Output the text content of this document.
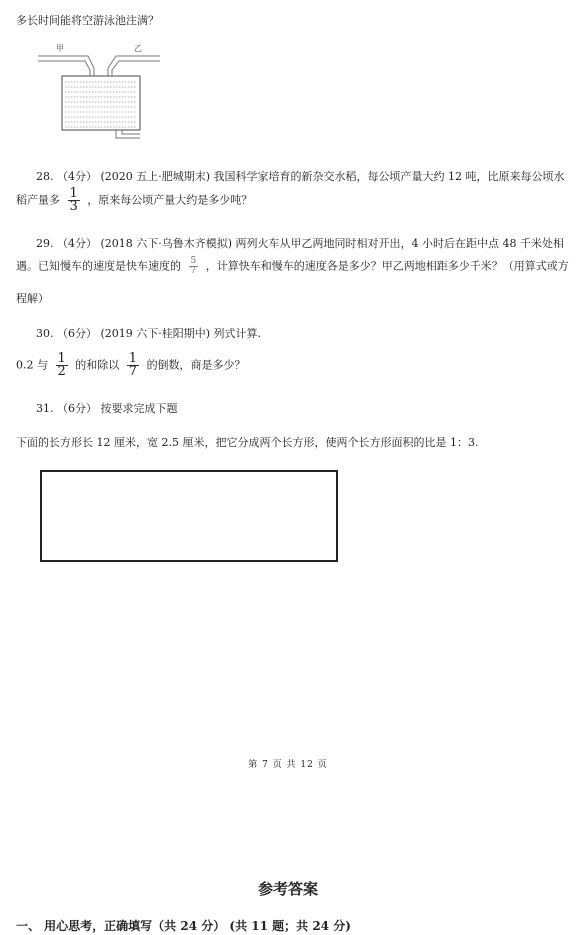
多长时间能将空游泳池注满？
甲	乙
28. （4分） (2020 五上·肥城期末) 我国科学家培育的新杂交水稻，每公顷产量大约 12 吨，比原来每公顷水
稻产量多 $\frac{1}{3}$ ，原来每公顷产量大约是多少吨？
29. （4分） (2018 六下·乌鲁木齐模拟) 两列火车从甲乙两地同时相对开出，4 小时后在距中点 48 千米处相
遇。已知慢车的速度是快车速度的 $\frac{5}{7}$ ，计算快车和慢车的速度各是多少？甲乙两地相距多少千米？（用算式或方
程解）
30. （6分） (2019 六下·桂阳期中) 列式计算.
0.2 与 $\frac{1}{2}$ 的和除以 $\frac{1}{7}$ 的倒数，商是多少？
31. （6分） 按要求完成下题
下面的长方形长 12 厘米，宽 2.5 厘米，把它分成两个长方形，使两个长方形面积的比是 1：3.
第 7 页 共 12 页
参考答案
一、 用心思考，正确填写（共 24 分） (共 11 题；共 24 分)
